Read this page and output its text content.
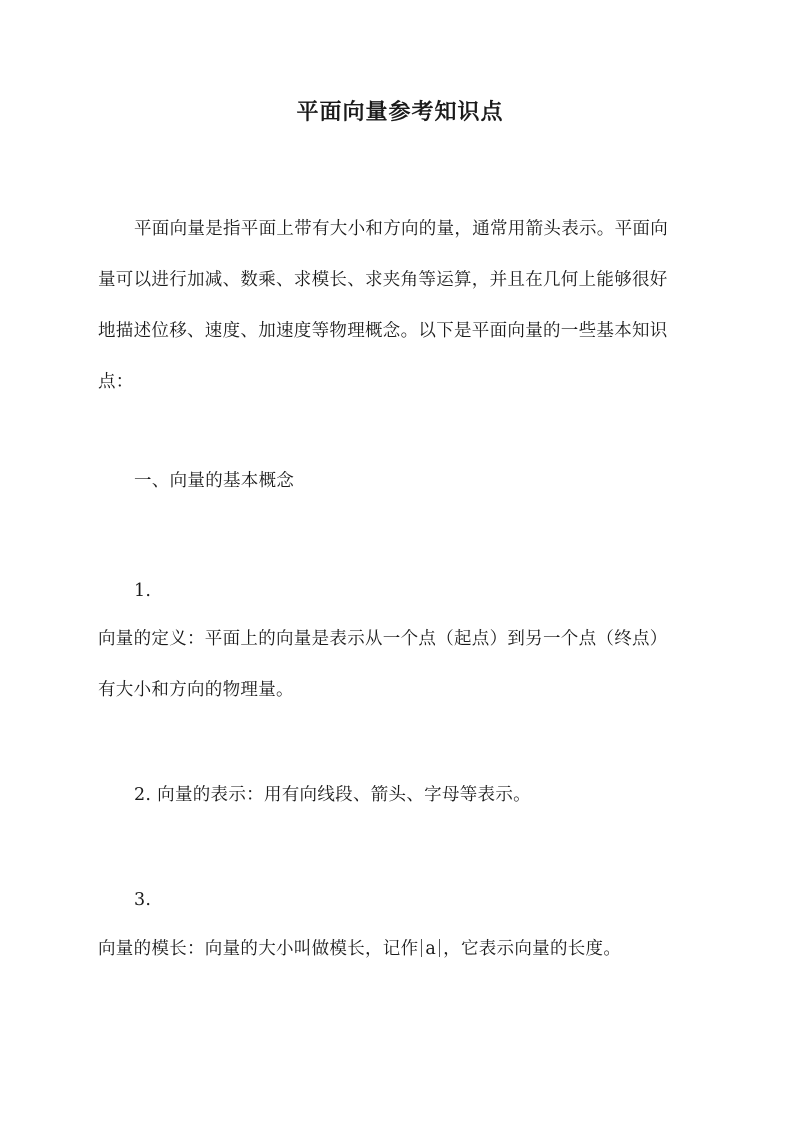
平面向量参考知识点
平面向量是指平面上带有大小和方向的量，通常用箭头表示。平面向
量可以进行加减、数乘、求模长、求夹角等运算，并且在几何上能够很好
地描述位移、速度、加速度等物理概念。以下是平面向量的一些基本知识
点：
一、向量的基本概念
1.
向量的定义：平面上的向量是表示从一个点（起点）到另一个点（终点）
有大小和方向的物理量。
2. 向量的表示：用有向线段、箭头、字母等表示。
3.
向量的模长：向量的大小叫做模长，记作 a ，它表示向量的长度。
